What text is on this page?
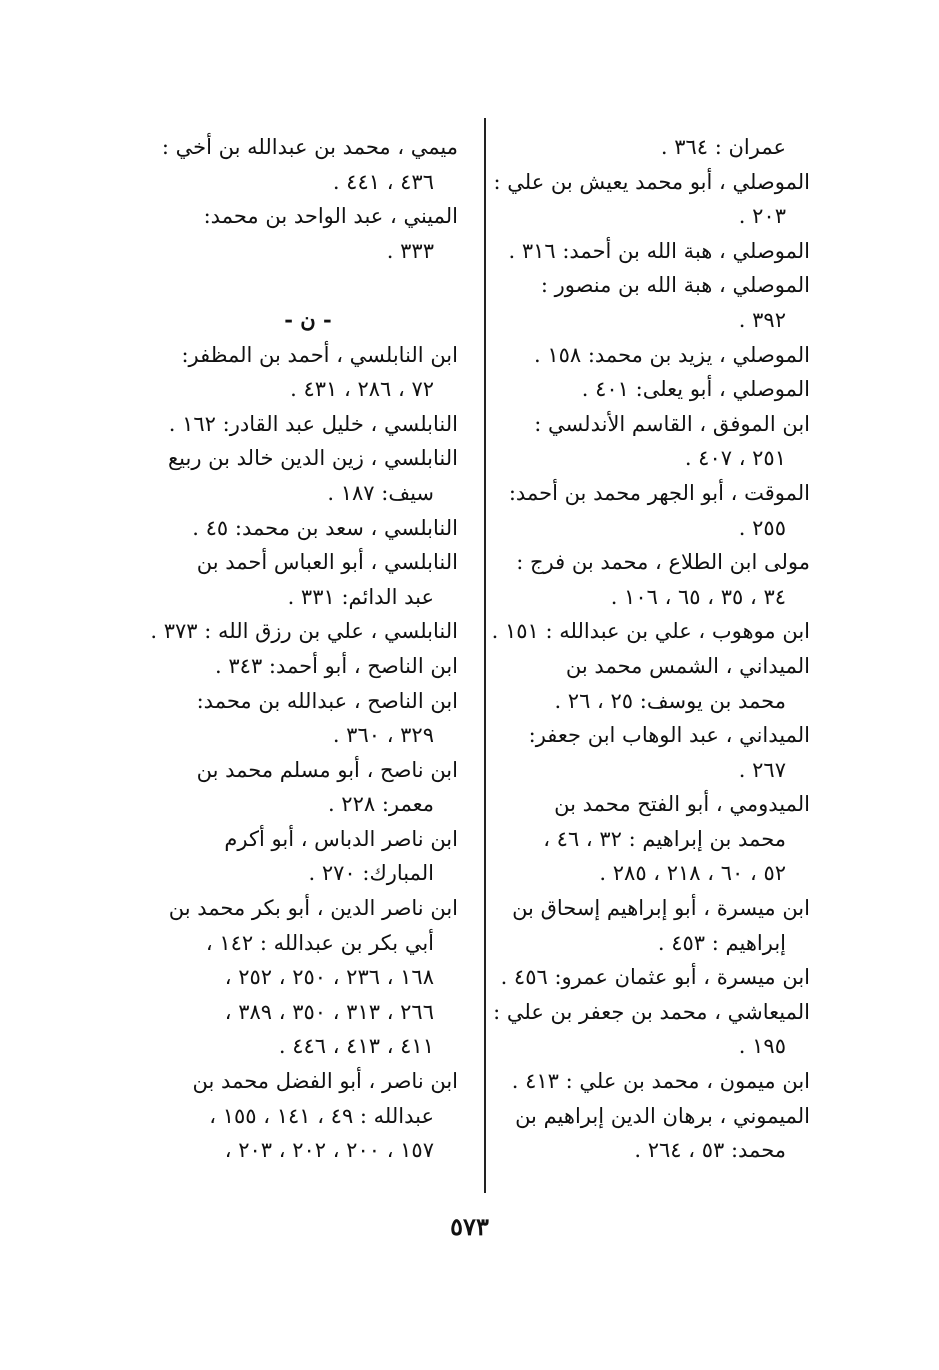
عمران : ٣٦٤ .
الموصلي ، أبو محمد يعيش بن علي :
٢٠٣ .
الموصلي ، هبة الله بن أحمد: ٣١٦ .
الموصلي ، هبة الله بن منصور :
٣٩٢ .
الموصلي ، يزيد بن محمد: ١٥٨ .
الموصلي ، أبو يعلى: ٤٠١ .
ابن الموفق ، القاسم الأندلسي :
٢٥١ ، ٤٠٧ .
الموقت ، أبو الجهر محمد بن أحمد:
٢٥٥ .
مولى ابن الطلاع ، محمد بن فرج :
٣٤ ، ٣٥ ، ٦٥ ، ١٠٦ .
ابن موهوب ، علي بن عبدالله : ١٥١ .
الميداني ، الشمس محمد بن
محمد بن يوسف: ٢٥ ، ٢٦ .
الميداني ، عبد الوهاب ابن جعفر:
٢٦٧ .
الميدومي ، أبو الفتح محمد بن
محمد بن إبراهيم : ٣٢ ، ٤٦ ،
٥٢ ، ٦٠ ، ٢١٨ ، ٢٨٥ .
ابن ميسرة ، أبو إبراهيم إسحاق بن
إبراهيم : ٤٥٣ .
ابن ميسرة ، أبو عثمان عمرو: ٤٥٦ .
الميعاشي ، محمد بن جعفر بن علي :
١٩٥ .
ابن ميمون ، محمد بن علي : ٤١٣ .
الميموني ، برهان الدين إبراهيم بن
محمد: ٥٣ ، ٢٦٤ .
ميمي ، محمد بن عبدالله بن أخي :
٤٣٦ ، ٤٤١ .
الميني ، عبد الواحد بن محمد:
٣٣٣ .
- ن -
ابن النابلسي ، أحمد بن المظفر:
٧٢ ، ٢٨٦ ، ٤٣١ .
النابلسي ، خليل عبد القادر: ١٦٢ .
النابلسي ، زين الدين خالد بن ربيع
سيف: ١٨٧ .
النابلسي ، سعد بن محمد: ٤٥ .
النابلسي ، أبو العباس أحمد بن
عبد الدائم: ٣٣١ .
النابلسي ، علي بن رزق الله : ٣٧٣ .
ابن الناصح ، أبو أحمد: ٣٤٣ .
ابن الناصح ، عبدالله بن محمد:
٣٢٩ ، ٣٦٠ .
ابن ناصح ، أبو مسلم محمد بن
معمر: ٢٢٨ .
ابن ناصر الدباس ، أبو أكرم
المبارك: ٢٧٠ .
ابن ناصر الدين ، أبو بكر محمد بن
أبي بكر بن عبدالله : ١٤٢ ،
١٦٨ ، ٢٣٦ ، ٢٥٠ ، ٢٥٢ ،
٢٦٦ ، ٣١٣ ، ٣٥٠ ، ٣٨٩ ،
٤١١ ، ٤١٣ ، ٤٤٦ .
ابن ناصر ، أبو الفضل محمد بن
عبدالله : ٤٩ ، ١٤١ ، ١٥٥ ،
١٥٧ ، ٢٠٠ ، ٢٠٢ ، ٢٠٣ ،
٥٧٣
